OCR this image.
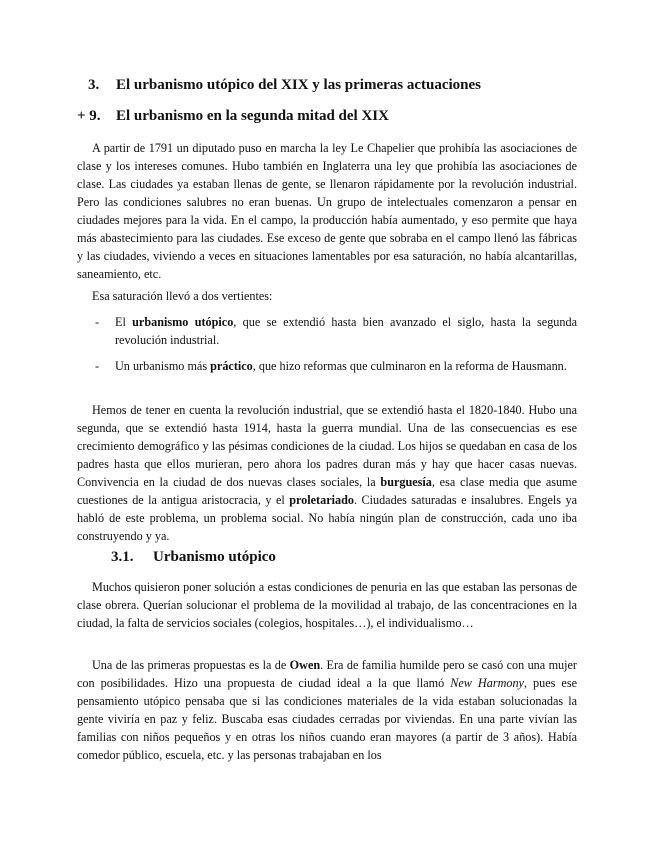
3. El urbanismo utópico del XIX y las primeras actuaciones
+ 9. El urbanismo en la segunda mitad del XIX
A partir de 1791 un diputado puso en marcha la ley Le Chapelier que prohibía las asociaciones de clase y los intereses comunes. Hubo también en Inglaterra una ley que prohibía las asociaciones de clase. Las ciudades ya estaban llenas de gente, se llenaron rápidamente por la revolución industrial. Pero las condiciones salubres no eran buenas. Un grupo de intelectuales comenzaron a pensar en ciudades mejores para la vida. En el campo, la producción había aumentado, y eso permite que haya más abastecimiento para las ciudades. Ese exceso de gente que sobraba en el campo llenó las fábricas y las ciudades, viviendo a veces en situaciones lamentables por esa saturación, no había alcantarillas, saneamiento, etc.
Esa saturación llevó a dos vertientes:
- El urbanismo utópico, que se extendió hasta bien avanzado el siglo, hasta la segunda revolución industrial.
- Un urbanismo más práctico, que hizo reformas que culminaron en la reforma de Hausmann.
Hemos de tener en cuenta la revolución industrial, que se extendió hasta el 1820-1840. Hubo una segunda, que se extendió hasta 1914, hasta la guerra mundial. Una de las consecuencias es ese crecimiento demográfico y las pésimas condiciones de la ciudad. Los hijos se quedaban en casa de los padres hasta que ellos murieran, pero ahora los padres duran más y hay que hacer casas nuevas. Convivencia en la ciudad de dos nuevas clases sociales, la burguesía, esa clase media que asume cuestiones de la antigua aristocracia, y el proletariado. Ciudades saturadas e insalubres. Engels ya habló de este problema, un problema social. No había ningún plan de construcción, cada uno iba construyendo y ya.
3.1. Urbanismo utópico
Muchos quisieron poner solución a estas condiciones de penuria en las que estaban las personas de clase obrera. Querían solucionar el problema de la movilidad al trabajo, de las concentraciones en la ciudad, la falta de servicios sociales (colegios, hospitales…), el individualismo…
Una de las primeras propuestas es la de Owen. Era de familia humilde pero se casó con una mujer con posibilidades. Hizo una propuesta de ciudad ideal a la que llamó New Harmony, pues ese pensamiento utópico pensaba que si las condiciones materiales de la vida estaban solucionadas la gente viviría en paz y feliz. Buscaba esas ciudades cerradas por viviendas. En una parte vivían las familias con niños pequeños y en otras los niños cuando eran mayores (a partir de 3 años). Había comedor público, escuela, etc. y las personas trabajaban en los
